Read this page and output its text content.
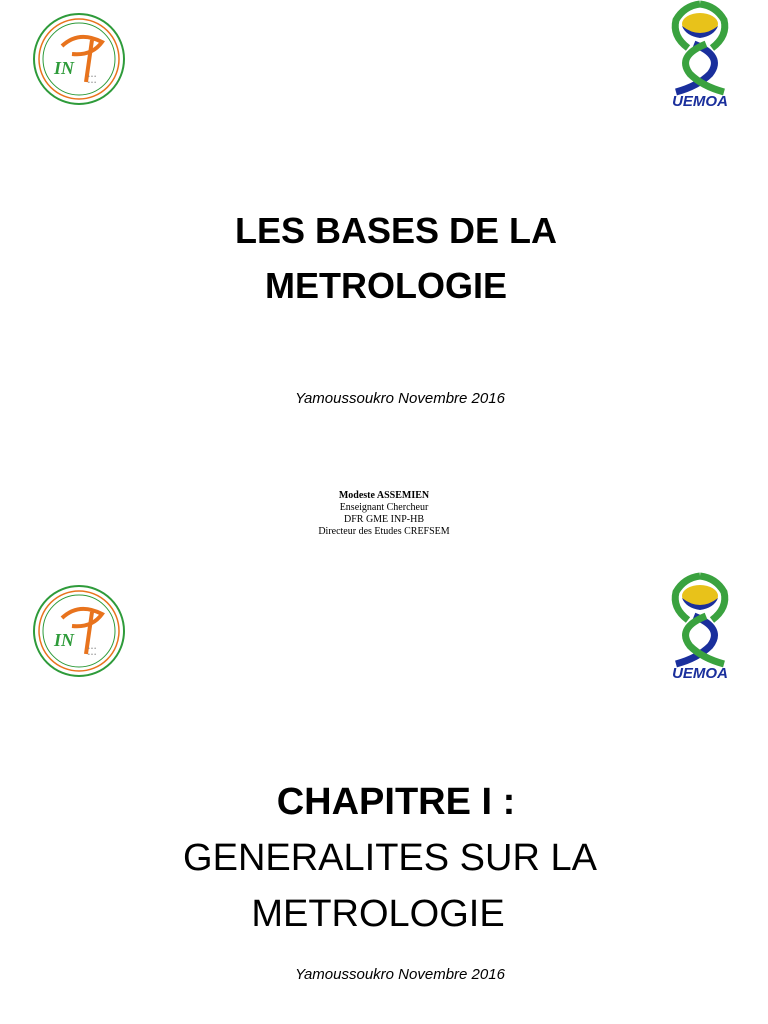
IN	• • •
• • •
UEMOA
LES BASES DE LA
METROLOGIE
Yamoussoukro Novembre 2016
Modeste ASSEMIEN
Enseignant Chercheur
DFR GME INP-HB
Directeur des Etudes CREFSEM
IN	• • •
• • •
UEMOA
CHAPITRE I :
GENERALITES SUR LA
METROLOGIE
Yamoussoukro Novembre 2016
